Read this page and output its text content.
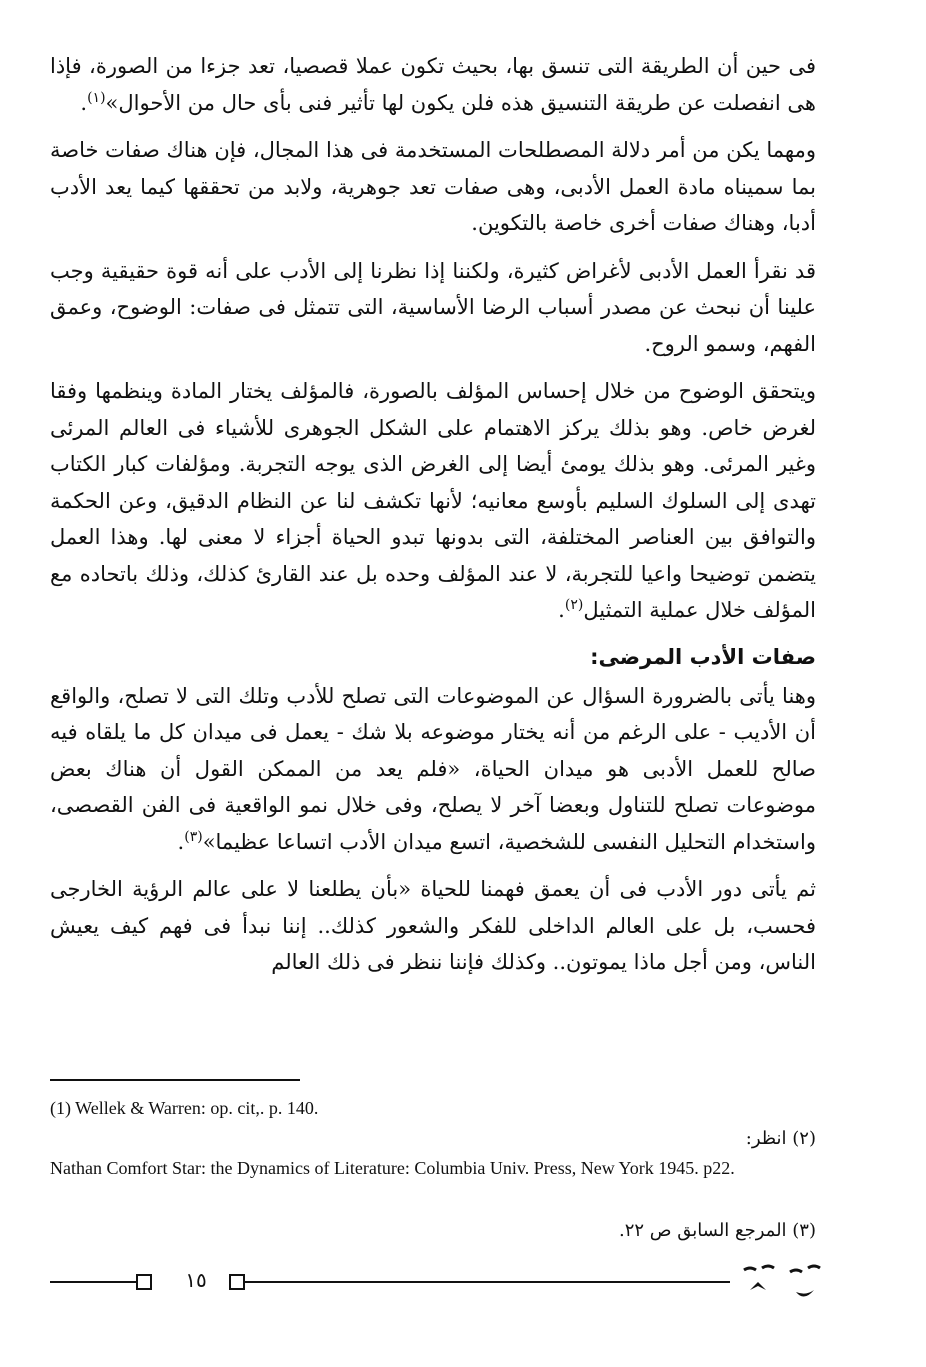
فى حين أن الطريقة التى تنسق بها، بحيث تكون عملا قصصيا، تعد جزءا من الصورة، فإذا هى انفصلت عن طريقة التنسيق هذه فلن يكون لها تأثير فنى بأى حال من الأحوال»$^{(١)}$.

ومهما يكن من أمر دلالة المصطلحات المستخدمة فى هذا المجال، فإن هناك صفات خاصة بما سميناه مادة العمل الأدبى، وهى صفات تعد جوهرية، ولابد من تحققها كيما يعد الأدب أدبا، وهناك صفات أخرى خاصة بالتكوين.

قد نقرأ العمل الأدبى لأغراض كثيرة، ولكننا إذا نظرنا إلى الأدب على أنه قوة حقيقية وجب علينا أن نبحث عن مصدر أسباب الرضا الأساسية، التى تتمثل فى صفات: الوضوح، وعمق الفهم، وسمو الروح.

ويتحقق الوضوح من خلال إحساس المؤلف بالصورة، فالمؤلف يختار المادة وينظمها وفقا لغرض خاص. وهو بذلك يركز الاهتمام على الشكل الجوهرى للأشياء فى العالم المرئى وغير المرئى. وهو بذلك يومئ أيضا إلى الغرض الذى يوجه التجربة. ومؤلفات كبار الكتاب تهدى إلى السلوك السليم بأوسع معانيه؛ لأنها تكشف لنا عن النظام الدقيق، وعن الحكمة والتوافق بين العناصر المختلفة، التى بدونها تبدو الحياة أجزاء لا معنى لها. وهذا العمل يتضمن توضيحا واعيا للتجربة، لا عند المؤلف وحده بل عند القارئ كذلك، وذلك باتحاده مع المؤلف خلال عملية التمثيل$^{(٢)}$.

صفات الأدب المرضى:

وهنا يأتى بالضرورة السؤال عن الموضوعات التى تصلح للأدب وتلك التى لا تصلح، والواقع أن الأديب - على الرغم من أنه يختار موضوعه بلا شك - يعمل فى ميدان كل ما يلقاه فيه صالح للعمل الأدبى هو ميدان الحياة، «فلم يعد من الممكن القول أن هناك بعض موضوعات تصلح للتناول وبعضا آخر لا يصلح، وفى خلال نمو الواقعية فى الفن القصصى، واستخدام التحليل النفسى للشخصية، اتسع ميدان الأدب اتساعا عظيما»$^{(٣)}$.

ثم يأتى دور الأدب فى أن يعمق فهمنا للحياة «بأن يطلعنا لا على عالم الرؤية الخارجى فحسب، بل على العالم الداخلى للفكر والشعور كذلك.. إننا نبدأ فى فهم كيف يعيش الناس، ومن أجل ماذا يموتون.. وكذلك فإننا ننظر فى ذلك العالم

(1) Wellek & Warren: op. cit,. p. 140.
(٢) انظر:
Nathan Comfort Star: the Dynamics of Literature: Columbia Univ. Press, New York 1945. p22.
(٣) المرجع السابق ص ٢٢.
١٥
